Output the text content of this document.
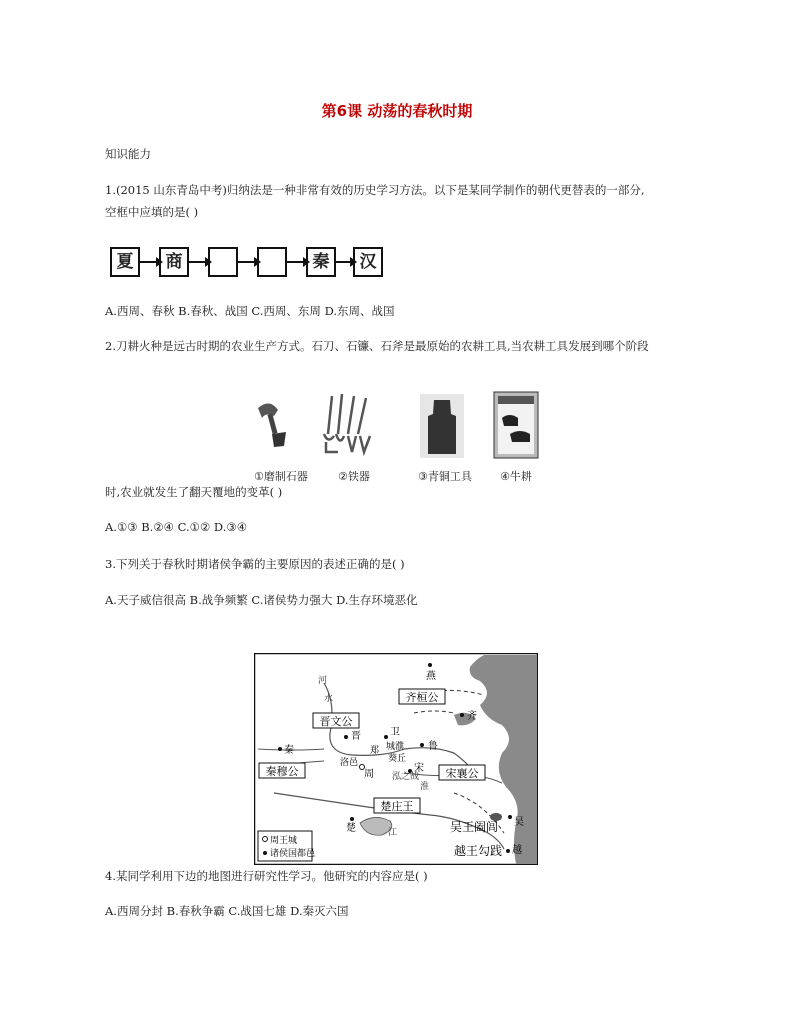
第6课 动荡的春秋时期
知识能力
1.(2015 山东青岛中考)归纳法是一种非常有效的历史学习方法。以下是某同学制作的朝代更替表的一部分,
空框中应填的是( )
夏	商	秦	汉
A.西周、春秋 B.春秋、战国 C.西周、东周 D.东周、战国
2.刀耕火种是远古时期的农业生产方式。石刀、石镰、石斧是最原始的农耕工具,当农耕工具发展到哪个阶段
①磨制石器	②铁器	③青铜工具	④牛耕
时,农业就发生了翻天覆地的变革( )
A.①③ B.②④ C.①② D.③④
3.下列关于春秋时期诸侯争霸的主要原因的表述正确的是( )
A.天子威信很高 B.战争频繁 C.诸侯势力强大 D.生存环境恶化
晋文公
齐桓公
秦穆公	宋襄公
楚庄王
吴王阖闾
越王勾践
燕
齐
晋	卫
鲁
秦
宋
楚
吴
越
周
郑 城濮
葵丘
洛邑
河
水
淮
江
泓之战
周王城
诸侯国都邑
4.某同学利用下边的地图进行研究性学习。他研究的内容应是( )
A.西周分封 B.春秋争霸 C.战国七雄 D.秦灭六国
